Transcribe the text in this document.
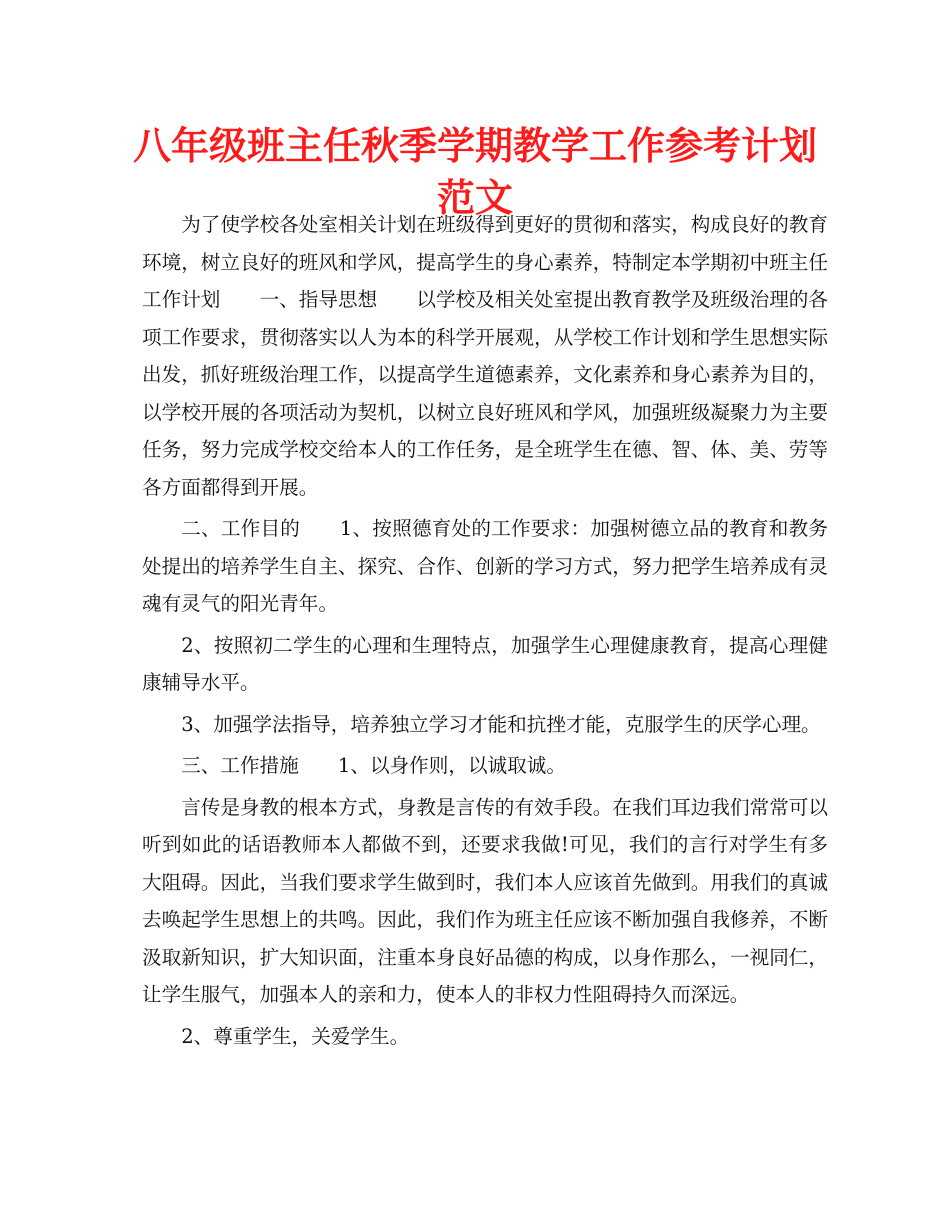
八年级班主任秋季学期教学工作参考计划
范文

为了使学校各处室相关计划在班级得到更好的贯彻和落实，构成良好的教育环境，树立良好的班风和学风，提高学生的身心素养，特制定本学期初中班主任工作计划　　一、指导思想　　以学校及相关处室提出教育教学及班级治理的各项工作要求，贯彻落实以人为本的科学开展观，从学校工作计划和学生思想实际出发，抓好班级治理工作，以提高学生道德素养，文化素养和身心素养为目的，以学校开展的各项活动为契机，以树立良好班风和学风，加强班级凝聚力为主要任务，努力完成学校交给本人的工作任务，是全班学生在德、智、体、美、劳等各方面都得到开展。

二、工作目的　　1、按照德育处的工作要求：加强树德立品的教育和教务处提出的培养学生自主、探究、合作、创新的学习方式，努力把学生培养成有灵魂有灵气的阳光青年。

2、按照初二学生的心理和生理特点，加强学生心理健康教育，提高心理健康辅导水平。

3、加强学法指导，培养独立学习才能和抗挫才能，克服学生的厌学心理。

三、工作措施　　1、以身作则，以诚取诚。

言传是身教的根本方式，身教是言传的有效手段。在我们耳边我们常常可以听到如此的话语教师本人都做不到，还要求我做!可见，我们的言行对学生有多大阻碍。因此，当我们要求学生做到时，我们本人应该首先做到。用我们的真诚去唤起学生思想上的共鸣。因此，我们作为班主任应该不断加强自我修养，不断汲取新知识，扩大知识面，注重本身良好品德的构成，以身作那么，一视同仁，让学生服气，加强本人的亲和力，使本人的非权力性阻碍持久而深远。

2、尊重学生，关爱学生。
